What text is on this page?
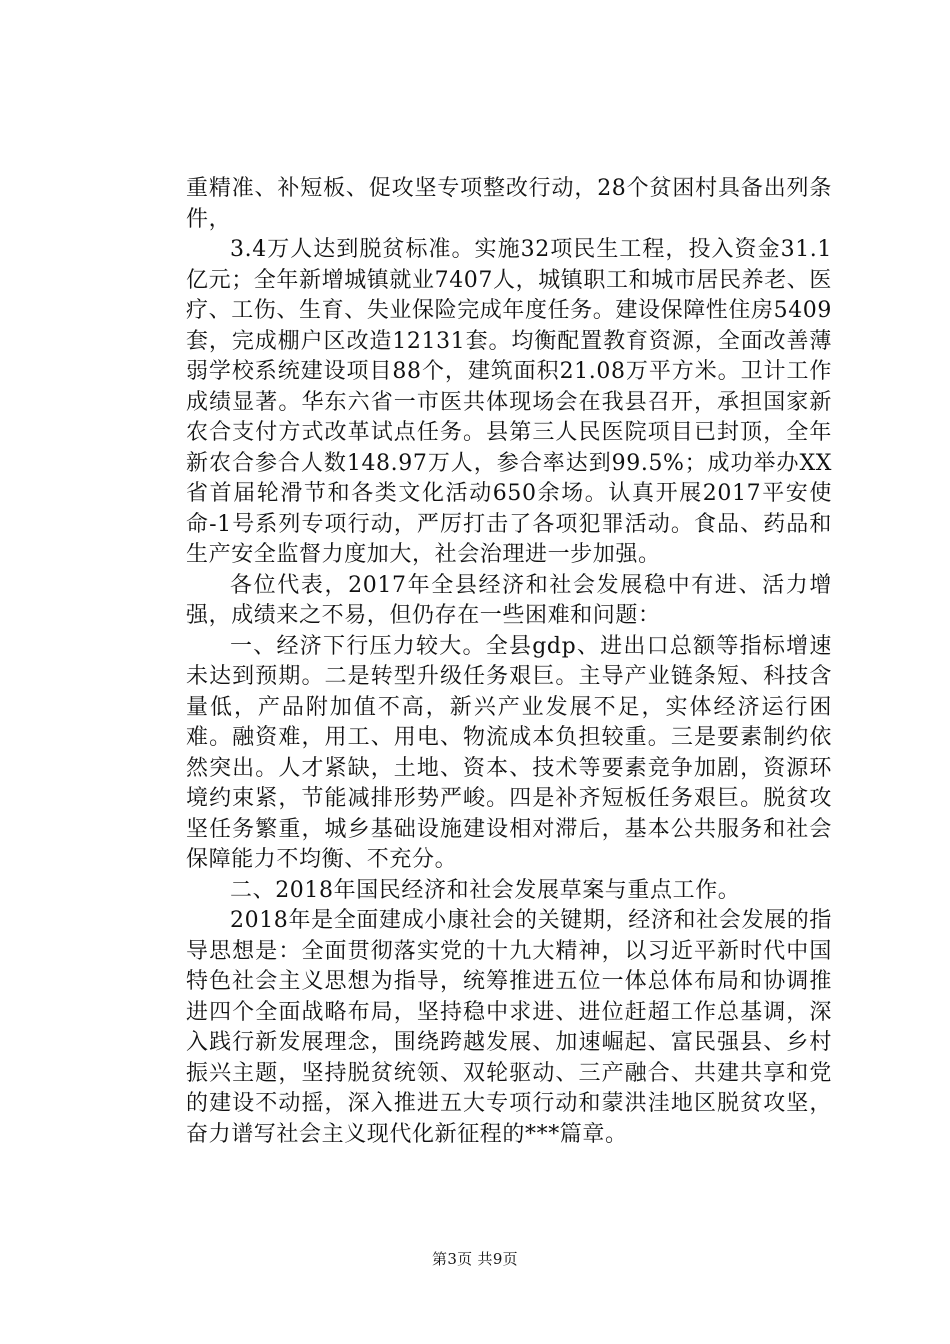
重精准、补短板、促攻坚专项整改行动，28个贫困村具备出列条件，

3.4万人达到脱贫标准。实施32项民生工程，投入资金31.1亿元；全年新增城镇就业7407人，城镇职工和城市居民养老、医疗、工伤、生育、失业保险完成年度任务。建设保障性住房5409套，完成棚户区改造12131套。均衡配置教育资源，全面改善薄弱学校系统建设项目88个，建筑面积21.08万平方米。卫计工作成绩显著。华东六省一市医共体现场会在我县召开，承担国家新农合支付方式改革试点任务。县第三人民医院项目已封顶，全年新农合参合人数148.97万人，参合率达到99.5%；成功举办XX省首届轮滑节和各类文化活动650余场。认真开展2017平安使命-1号系列专项行动，严厉打击了各项犯罪活动。食品、药品和生产安全监督力度加大，社会治理进一步加强。

各位代表，2017年全县经济和社会发展稳中有进、活力增强，成绩来之不易，但仍存在一些困难和问题：

一、经济下行压力较大。全县gdp、进出口总额等指标增速未达到预期。二是转型升级任务艰巨。主导产业链条短、科技含量低，产品附加值不高，新兴产业发展不足，实体经济运行困难。融资难，用工、用电、物流成本负担较重。三是要素制约依然突出。人才紧缺，土地、资本、技术等要素竞争加剧，资源环境约束紧，节能减排形势严峻。四是补齐短板任务艰巨。脱贫攻坚任务繁重，城乡基础设施建设相对滞后，基本公共服务和社会保障能力不均衡、不充分。

二、2018年国民经济和社会发展草案与重点工作。

2018年是全面建成小康社会的关键期，经济和社会发展的指导思想是：全面贯彻落实党的十九大精神，以习近平新时代中国特色社会主义思想为指导，统筹推进五位一体总体布局和协调推进四个全面战略布局，坚持稳中求进、进位赶超工作总基调，深入践行新发展理念，围绕跨越发展、加速崛起、富民强县、乡村振兴主题，坚持脱贫统领、双轮驱动、三产融合、共建共享和党的建设不动摇，深入推进五大专项行动和蒙洪洼地区脱贫攻坚，奋力谱写社会主义现代化新征程的***篇章。

第3页 共9页
